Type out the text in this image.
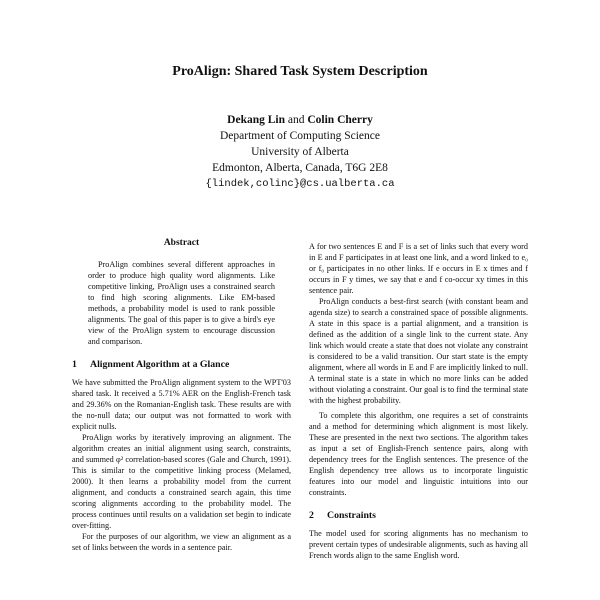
ProAlign: Shared Task System Description
Dekang Lin and Colin Cherry
Department of Computing Science
University of Alberta
Edmonton, Alberta, Canada, T6G 2E8
{lindek,colinc}@cs.ualberta.ca
Abstract

ProAlign combines several different approaches in order to produce high quality word alignments. Like competitive linking, ProAlign uses a constrained search to find high scoring alignments. Like EM-based methods, a probability model is used to rank possible alignments. The goal of this paper is to give a bird's eye view of the ProAlign system to encourage discussion and comparison.

1 Alignment Algorithm at a Glance

We have submitted the ProAlign alignment system to the WPT'03 shared task. It received a 5.71% AER on the English-French task and 29.36% on the Romanian-English task. These results are with the no-null data; our output was not formatted to work with explicit nulls.

ProAlign works by iteratively improving an alignment. The algorithm creates an initial alignment using search, constraints, and summed φ² correlation-based scores (Gale and Church, 1991). This is similar to the competitive linking process (Melamed, 2000). It then learns a probability model from the current alignment, and conducts a constrained search again, this time scoring alignments according to the probability model. The process continues until results on a validation set begin to indicate over-fitting.

For the purposes of our algorithm, we view an alignment as a set of links between the words in a sentence pair.

A for two sentences E and F is a set of links such that every word in E and F participates in at least one link, and a word linked to e₀ or f₀ participates in no other links. If e occurs in E x times and f occurs in F y times, we say that e and f co-occur xy times in this sentence pair.

ProAlign conducts a best-first search (with constant beam and agenda size) to search a constrained space of possible alignments. A state in this space is a partial alignment, and a transition is defined as the addition of a single link to the current state. Any link which would create a state that does not violate any constraint is considered to be a valid transition. Our start state is the empty alignment, where all words in E and F are implicitly linked to null. A terminal state is a state in which no more links can be added without violating a constraint. Our goal is to find the terminal state with the highest probability.

To complete this algorithm, one requires a set of constraints and a method for determining which alignment is most likely. These are presented in the next two sections. The algorithm takes as input a set of English-French sentence pairs, along with dependency trees for the English sentences. The presence of the English dependency tree allows us to incorporate linguistic features into our model and linguistic intuitions into our constraints.

2 Constraints

The model used for scoring alignments has no mechanism to prevent certain types of undesirable alignments, such as having all French words align to the same English word.
